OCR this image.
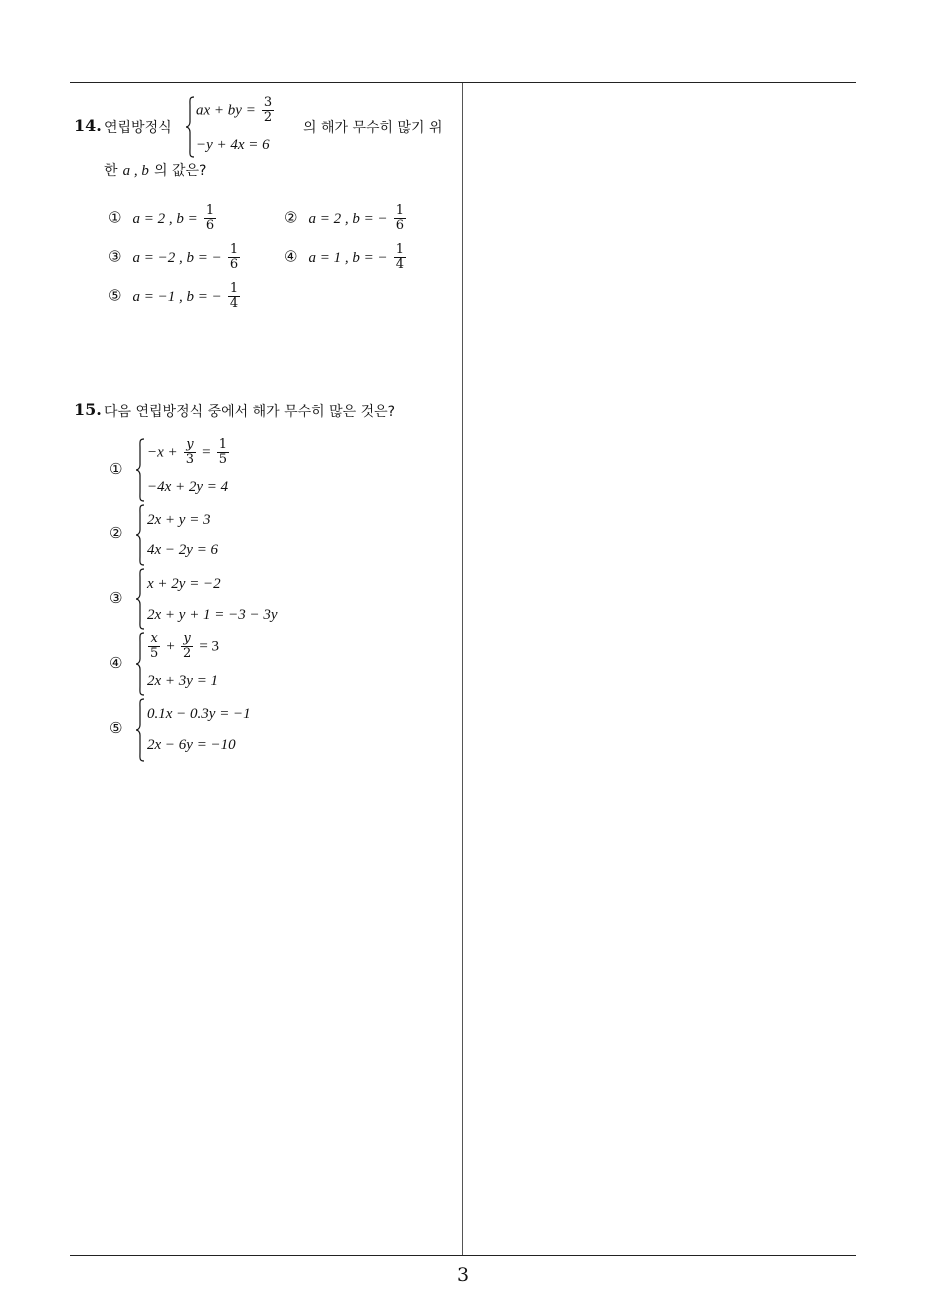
3
14. 연립방정식
ax + by = $\frac{3}{2}$
−y + 4x = 6
의 해가 무수히 많기 위
한 a , b 의 값은?
① a = 2 , $b = \frac{1}{6}$	② a = 2 , b = − $\frac{1}{6}$
③ a = −2 , b = − $\frac{1}{6}$	④ a = 1 , b = − $\frac{1}{4}$
⑤ a = −1 , b = − $\frac{1}{4}$
15. 다음 연립방정식 중에서 해가 무수히 많은 것은?
①
$-x + \frac{y}{3} = \frac{1}{5}$
−4x + 2y = 4
②
2x + y = 3
4x − 2y = 6
③
x + 2y = −2
2x + y + 1 = −3 − 3y
④
$\frac{x}{5} + \frac{y}{2} = 3$
2x + 3y = 1
⑤
0.1x − 0.3y = −1
2x − 6y = −10
